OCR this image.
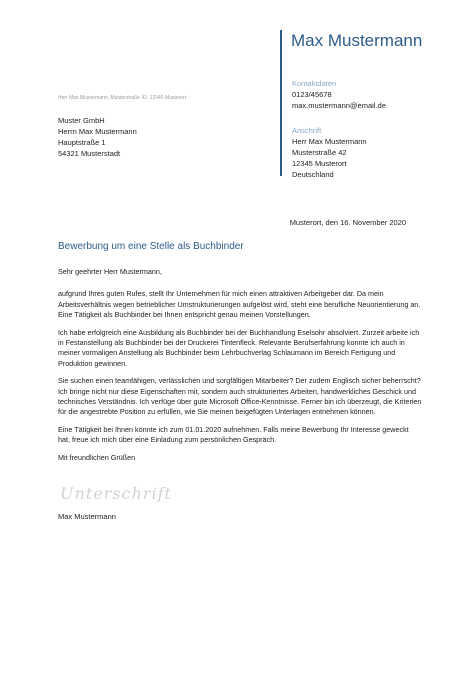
Max Mustermann
Kontaktdaten
0123/45678
max.mustermann@email.de
Anschrift
Herr Max Mustermann
Musterstraße 42
12345 Musterort
Deutschland
Herr Max Mustermann, Musterstraße 42, 12345 Musterort
Muster GmbH
Herrn Max Mustermann
Hauptstraße 1
54321 Musterstadt
Musterort, den 16. November 2020
Bewerbung um eine Stelle als Buchbinder

Sehr geehrter Herr Mustermann,

aufgrund Ihres guten Rufes, stellt Ihr Unternehmen für mich einen attraktiven Arbeitgeber dar. Da mein Arbeitsverhältnis wegen betrieblicher Umstrukturierungen aufgelöst wird, steht eine berufliche Neuorientierung an. Eine Tätigkeit als Buchbinder bei Ihnen entspricht genau meinen Vorstellungen.

Ich habe erfolgreich eine Ausbildung als Buchbinder bei der Buchhandlung Eselsohr absolviert. Zurzeit arbeite ich in Festanstellung als Buchbinder bei der Druckerei Tintenfleck. Relevante Berufserfahrung konnte ich auch in meiner vormaligen Anstellung als Buchbinder beim Lehrbuchverlag Schlaumann im Bereich Fertigung und Produktion gewinnen.

Sie suchen einen teamfähigen, verlässlichen und sorgfältigen Mitarbeiter? Der zudem Englisch sicher beherrscht? Ich bringe nicht nur diese Eigenschaften mit, sondern auch strukturiertes Arbeiten, handwerkliches Geschick und technisches Verständnis. Ich verfüge über gute Microsoft Office-Kenntnisse. Ferner bin ich überzeugt, die Kriterien für die angestrebte Position zu erfüllen, wie Sie meinen beigefügten Unterlagen entnehmen können.

Eine Tätigkeit bei Ihnen könnte ich zum 01.01.2020 aufnehmen. Falls meine Bewerbung Ihr Interesse geweckt hat, freue ich mich über eine Einladung zum persönlichen Gespräch.

Mit freundlichen Grüßen

Unterschrift
Max Mustermann
